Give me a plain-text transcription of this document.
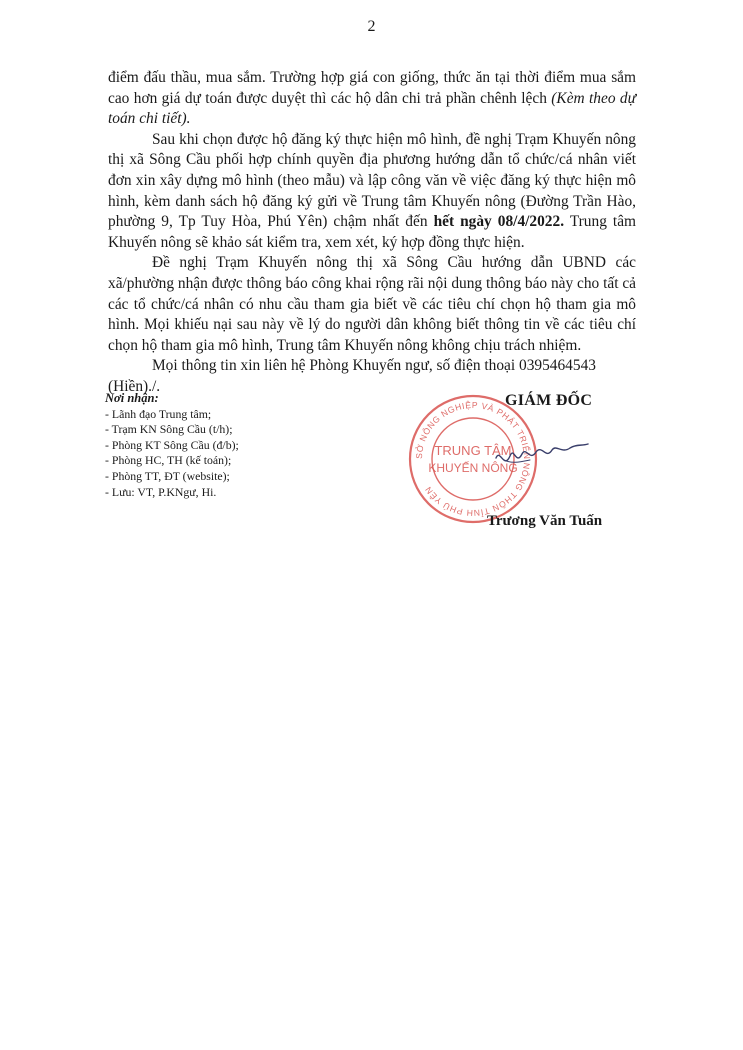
2

điểm đấu thầu, mua sắm. Trường hợp giá con giống, thức ăn tại thời điểm mua sắm cao hơn giá dự toán được duyệt thì các hộ dân chi trả phần chênh lệch (Kèm theo dự toán chi tiết).

Sau khi chọn được hộ đăng ký thực hiện mô hình, đề nghị Trạm Khuyến nông thị xã Sông Cầu phối hợp chính quyền địa phương hướng dẫn tổ chức/cá nhân viết đơn xin xây dựng mô hình (theo mẫu) và lập công văn về việc đăng ký thực hiện mô hình, kèm danh sách hộ đăng ký gửi về Trung tâm Khuyến nông (Đường Trần Hào, phường 9, Tp Tuy Hòa, Phú Yên) chậm nhất đến hết ngày 08/4/2022. Trung tâm Khuyến nông sẽ khảo sát kiểm tra, xem xét, ký hợp đồng thực hiện.

Đề nghị Trạm Khuyến nông thị xã Sông Cầu hướng dẫn UBND các xã/phường nhận được thông báo công khai rộng rãi nội dung thông báo này cho tất cả các tổ chức/cá nhân có nhu cầu tham gia biết về các tiêu chí chọn hộ tham gia mô hình. Mọi khiếu nại sau này về lý do người dân không biết thông tin về các tiêu chí chọn hộ tham gia mô hình, Trung tâm Khuyến nông không chịu trách nhiệm.

Mọi thông tin xin liên hệ Phòng Khuyến ngư, số điện thoại 0395464543 (Hiền)./.

Nơi nhận:
- Lãnh đạo Trung tâm;
- Trạm KN Sông Cầu (t/h);
- Phòng KT Sông Cầu (đ/b);
- Phòng HC, TH (kế toán);
- Phòng TT, ĐT (website);
- Lưu: VT, P.KNgư, Hi.
GIÁM ĐỐC
SỞ NÔNG NGHIỆP VÀ PHÁT TRIỂN NÔNG THÔN TỈNH PHÚ YÊN
TRUNG TÂM
KHUYẾN NÔNG
Trương Văn Tuấn
